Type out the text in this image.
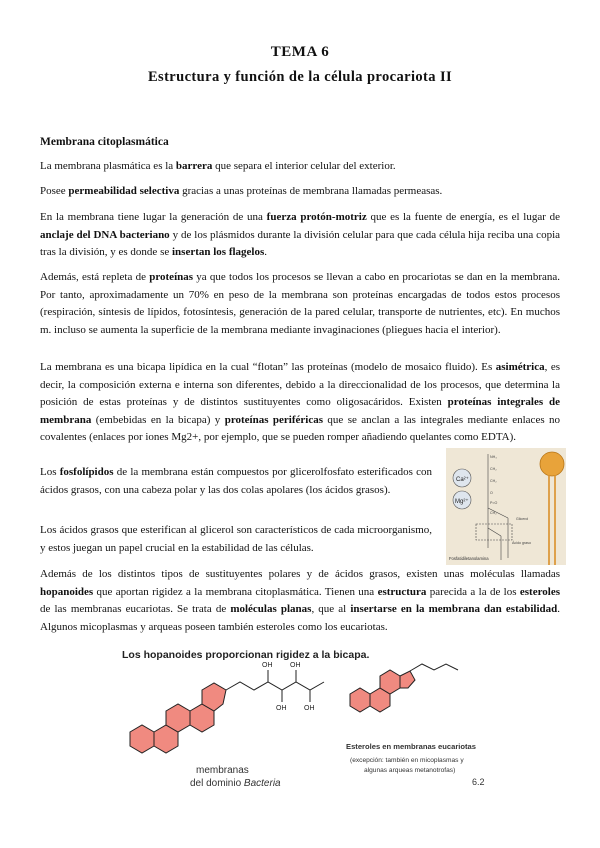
TEMA 6
Estructura y función de la célula procariota II
Membrana citoplasmática

La membrana plasmática es la barrera que separa el interior celular del exterior.

Posee permeabilidad selectiva gracias a unas proteínas de membrana llamadas permeasas.

En la membrana tiene lugar la generación de una fuerza protón-motriz que es la fuente de energía, es el lugar de anclaje del DNA bacteriano y de los plásmidos durante la división celular para que cada célula hija reciba una copia tras la división, y es donde se insertan los flagelos.

Además, está repleta de proteínas ya que todos los procesos se llevan a cabo en procariotas se dan en la membrana. Por tanto, aproximadamente un 70% en peso de la membrana son proteínas encargadas de todos estos procesos (respiración, síntesis de lípidos, fotosíntesis, generación de la pared celular, transporte de nutrientes, etc). En muchos m. incluso se aumenta la superficie de la membrana mediante invaginaciones (pliegues hacia el interior).

La membrana es una bicapa lipídica en la cual “flotan” las proteínas (modelo de mosaico fluido). Es asimétrica, es decir, la composición externa e interna son diferentes, debido a la direccionalidad de los procesos, que determina la posición de estas proteínas y de distintos sustituyentes como oligosacáridos. Existen proteínas integrales de membrana (embebidas en la bicapa) y proteínas periféricas que se anclan a las integrales mediante enlaces no covalentes (enlaces por iones Mg2+, por ejemplo, que se pueden romper añadiendo quelantes como EDTA).

Los fosfolípidos de la membrana están compuestos por glicerolfosfato esterificados con ácidos grasos, con una cabeza polar y las dos colas apolares (los ácidos grasos).

Los ácidos grasos que esterifican al glicerol son característicos de cada microorganismo, y estos juegan un papel crucial en la estabilidad de las células.

Además de los distintos tipos de sustituyentes polares y de ácidos grasos, existen unas moléculas llamadas hopanoides que aportan rigidez a la membrana citoplasmática. Tienen una estructura parecida a la de los esteroles de las membranas eucariotas. Se trata de moléculas planas, que al insertarse en la membrana dan estabilidad. Algunos micoplasmas y arqueas poseen también esteroles como los eucariotas.

Ca²⁺
Mg²⁺
NH₃
CH₂
CH₂
O
P=O
CH₂
Glicerol
Ácido graso
Fosfatidiletanolamina
Los hopanoides proporcionan rigidez a la bicapa.
OH	OH
OH	OH
membranas
del dominio Bacteria
Esteroles en membranas eucariotas
(excepción: también en micoplasmas y
algunas arqueas metanotrofas)
6.2
